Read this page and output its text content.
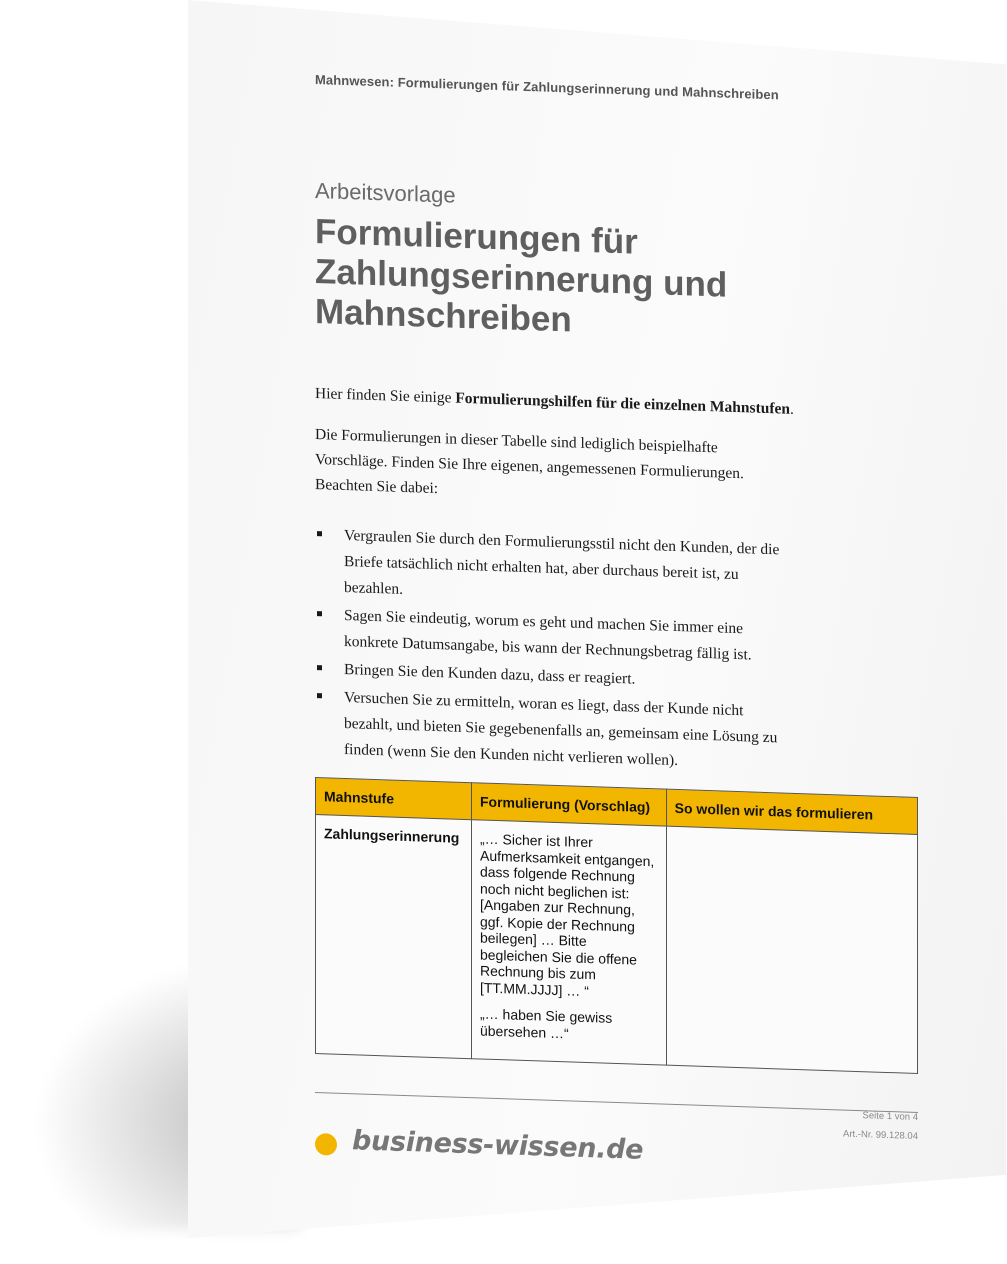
Mahnwesen: Formulierungen für Zahlungserinnerung und Mahnschreiben
Arbeitsvorlage
Formulierungen für
Zahlungserinnerung und
Mahnschreiben
Hier finden Sie einige Formulierungshilfen für die einzelnen Mahnstufen.
Die Formulierungen in dieser Tabelle sind lediglich beispielhafte
Vorschläge. Finden Sie Ihre eigenen, angemessenen Formulierungen.
Beachten Sie dabei:
Vergraulen Sie durch den Formulierungsstil nicht den Kunden, der die Briefe tatsächlich nicht erhalten hat, aber durchaus bereit ist, zu bezahlen.
Sagen Sie eindeutig, worum es geht und machen Sie immer eine konkrete Datumsangabe, bis wann der Rechnungsbetrag fällig ist.
Bringen Sie den Kunden dazu, dass er reagiert.
Versuchen Sie zu ermitteln, woran es liegt, dass der Kunde nicht bezahlt, und bieten Sie gegebenenfalls an, gemeinsam eine Lösung zu finden (wenn Sie den Kunden nicht verlieren wollen).
Mahnstufe	Formulierung (Vorschlag)	So wollen wir das formulieren
Zahlungserinnerung	„… Sicher ist Ihrer Aufmerksamkeit entgangen, dass folgende Rechnung noch nicht beglichen ist: [Angaben zur Rechnung, ggf. Kopie der Rechnung beilegen] … Bitte begleichen Sie die offene Rechnung bis zum [TT.MM.JJJJ] … “

„… haben Sie gewiss übersehen …“	

Seite 1 von 4
Art.-Nr. 99.128.04
business-wissen.de
